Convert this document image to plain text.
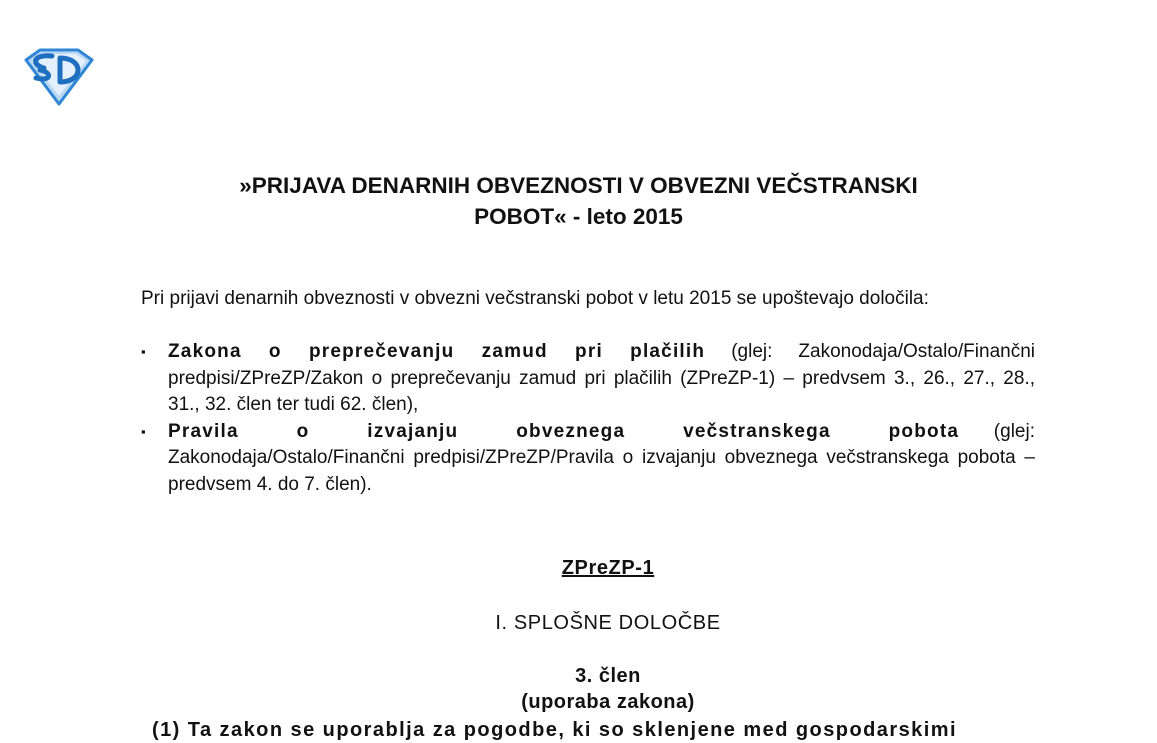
»PRIJAVA DENARNIH OBVEZNOSTI V OBVEZNI VEČSTRANSKI
POBOT« - leto 2015

Pri prijavi denarnih obveznosti v obvezni večstranski pobot v letu 2015 se upoštevajo določila:

▪ Zakona o preprečevanju zamud pri plačilih (glej: Zakonodaja/Ostalo/Finančni predpisi/ZPreZP/Zakon o preprečevanju zamud pri plačilih (ZPreZP-1) – predvsem 3., 26., 27., 28., 31., 32. člen ter tudi 62. člen),
▪ Pravila o izvajanju obveznega večstranskega pobota (glej: Zakonodaja/Ostalo/Finančni predpisi/ZPreZP/Pravila o izvajanju obveznega večstranskega pobota – predvsem 4. do 7. člen).
ZPreZP-1
I. SPLOŠNE DOLOČBE
3. člen
(uporaba zakona)
(1) Ta zakon se uporablja za pogodbe, ki so sklenjene med gospodarskimi
